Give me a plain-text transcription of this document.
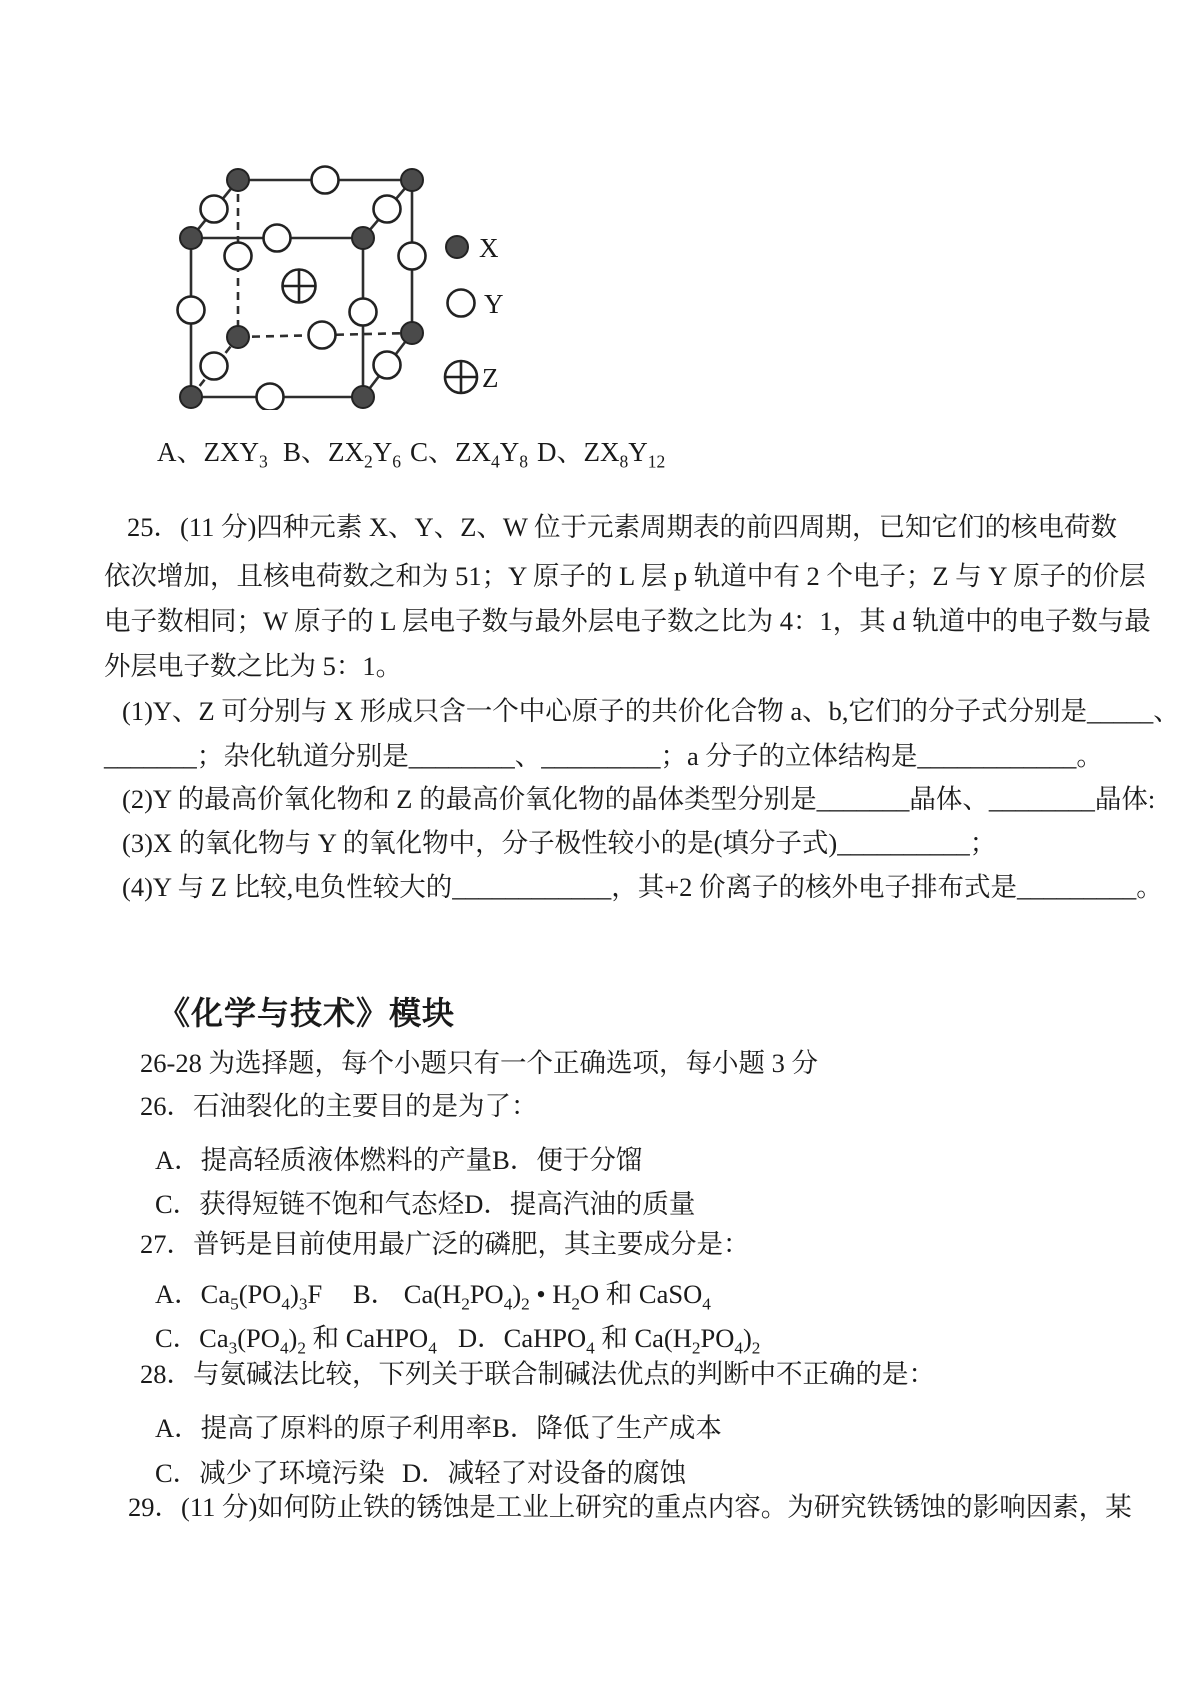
X
Y
Z
A、$ZXY_3$ B、$ZX_2Y_6$ C、$ZX_4Y_8$ D、$ZX_8Y_{12}$
25．(11 分)四种元素 X、Y、Z、W 位于元素周期表的前四周期，已知它们的核电荷数
依次增加，且核电荷数之和为 51；Y 原子的 L 层 p 轨道中有 2 个电子；Z 与 Y 原子的价层
电子数相同；W 原子的 L 层电子数与最外层电子数之比为 4：1，其 d 轨道中的电子数与最
外层电子数之比为 5：1。
(1)Y、Z 可分别与 X 形成只含一个中心原子的共价化合物 a、b,它们的分子式分别是_____、
_______；杂化轨道分别是________、_________；a 分子的立体结构是____________。
(2)Y 的最高价氧化物和 Z 的最高价氧化物的晶体类型分别是_______晶体、________晶体:
(3)X 的氧化物与 Y 的氧化物中，分子极性较小的是(填分子式)__________；
(4)Y 与 Z 比较,电负性较大的____________，其+2 价离子的核外电子排布式是_________。
《化学与技术》模块
26-28 为选择题，每个小题只有一个正确选项，每小题 3 分
26．石油裂化的主要目的是为了：
A．提高轻质液体燃料的产量 B．便于分馏
C．获得短链不饱和气态烃 D．提高汽油的质量
27．普钙是目前使用最广泛的磷肥，其主要成分是：
A．$Ca_5(PO_4)_3F$	B． $Ca(H_2PO_4)_2$ • $H_2O$ 和 CaSO$_4$
C．$Ca_3(PO_4)_2$ 和 CaHPO$_4$ D．CaHPO$_4$ 和 $Ca(H_2PO_4)_2$
28．与氨碱法比较，下列关于联合制碱法优点的判断中不正确的是：
A．提高了原料的原子利用率 B．降低了生产成本
C．减少了环境污染 D．减轻了对设备的腐蚀
29．(11 分)如何防止铁的锈蚀是工业上研究的重点内容。为研究铁锈蚀的影响因素，某
